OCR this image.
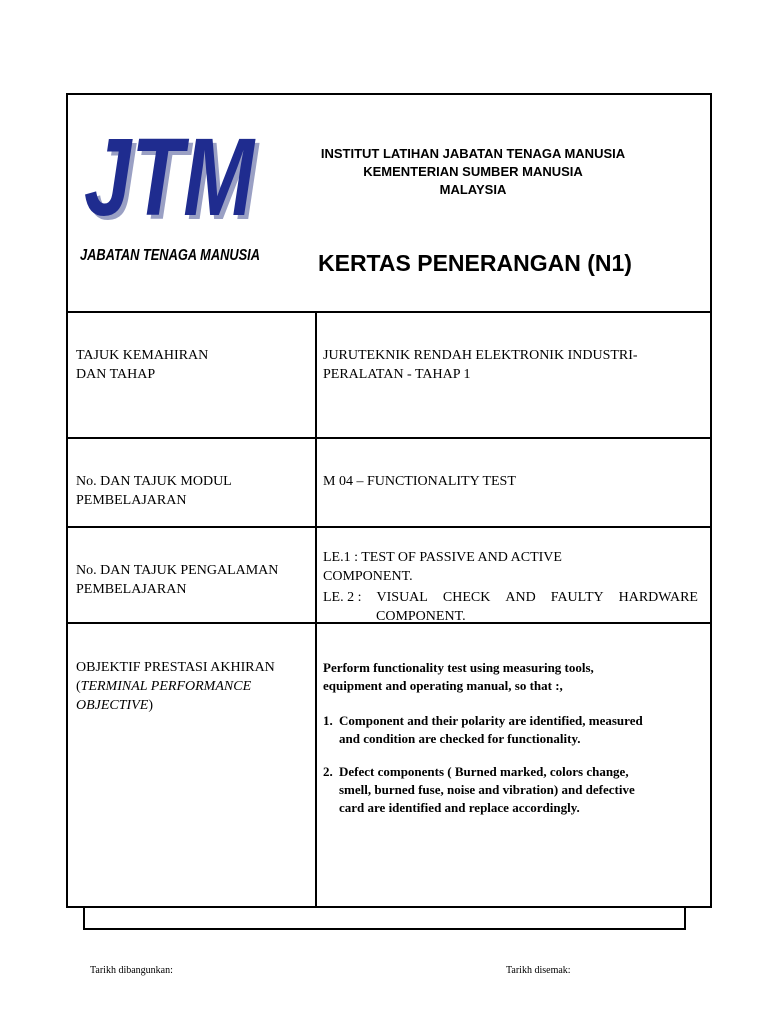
JTM
JTM
JABATAN TENAGA MANUSIA
INSTITUT LATIHAN JABATAN TENAGA MANUSIA
KEMENTERIAN SUMBER MANUSIA
MALAYSIA
KERTAS PENERANGAN (N1)
TAJUK KEMAHIRAN
DAN TAHAP
JURUTEKNIK RENDAH ELEKTRONIK INDUSTRI-
PERALATAN - TAHAP 1
No. DAN TAJUK MODUL
PEMBELAJARAN
M 04 – FUNCTIONALITY TEST
No. DAN TAJUK PENGALAMAN
PEMBELAJARAN
LE.1 : TEST OF PASSIVE AND ACTIVE
COMPONENT.
LE. 2 : VISUAL CHECK AND FAULTY HARDWARE
COMPONENT.
OBJEKTIF PRESTASI AKHIRAN
(TERMINAL PERFORMANCE
OBJECTIVE)
Perform functionality test using measuring tools,
equipment and operating manual, so that :,
1. Component and their polarity are identified, measured
and condition are checked for functionality.
2. Defect components ( Burned marked, colors change,
smell, burned fuse, noise and vibration) and defective
card are identified and replace accordingly.
Tarikh dibangunkan:	Tarikh disemak:
